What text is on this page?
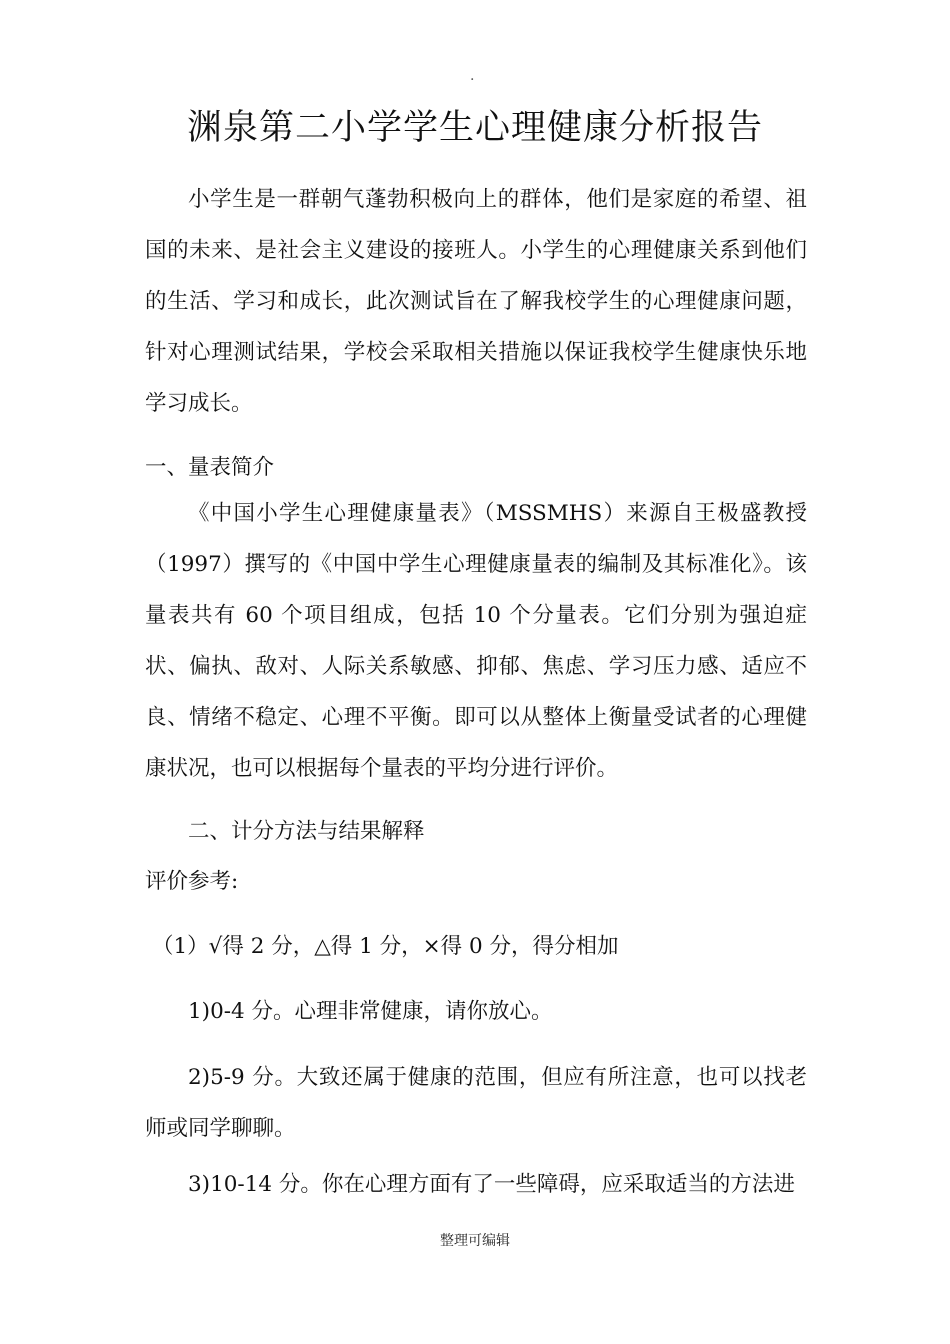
.
渊泉第二小学学生心理健康分析报告
小学生是一群朝气蓬勃积极向上的群体，他们是家庭的希望、祖国的未来、是社会主义建设的接班人。小学生的心理健康关系到他们的生活、学习和成长，此次测试旨在了解我校学生的心理健康问题，针对心理测试结果，学校会采取相关措施以保证我校学生健康快乐地学习成长。
一、量表简介
《中国小学生心理健康量表》（MSSMHS）来源自王极盛教授（1997）撰写的《中国中学生心理健康量表的编制及其标准化》。该量表共有 60 个项目组成，包括 10 个分量表。它们分别为强迫症状、偏执、敌对、人际关系敏感、抑郁、焦虑、学习压力感、适应不良、情绪不稳定、心理不平衡。即可以从整体上衡量受试者的心理健康状况，也可以根据每个量表的平均分进行评价。
二、计分方法与结果解释
评价参考:
（1）√得 2 分，△得 1 分，×得 0 分，得分相加
1)0-4 分。心理非常健康，请你放心。
2)5-9 分。大致还属于健康的范围，但应有所注意，也可以找老师或同学聊聊。
3)10-14 分。你在心理方面有了一些障碍，应采取适当的方法进
整理可编辑
